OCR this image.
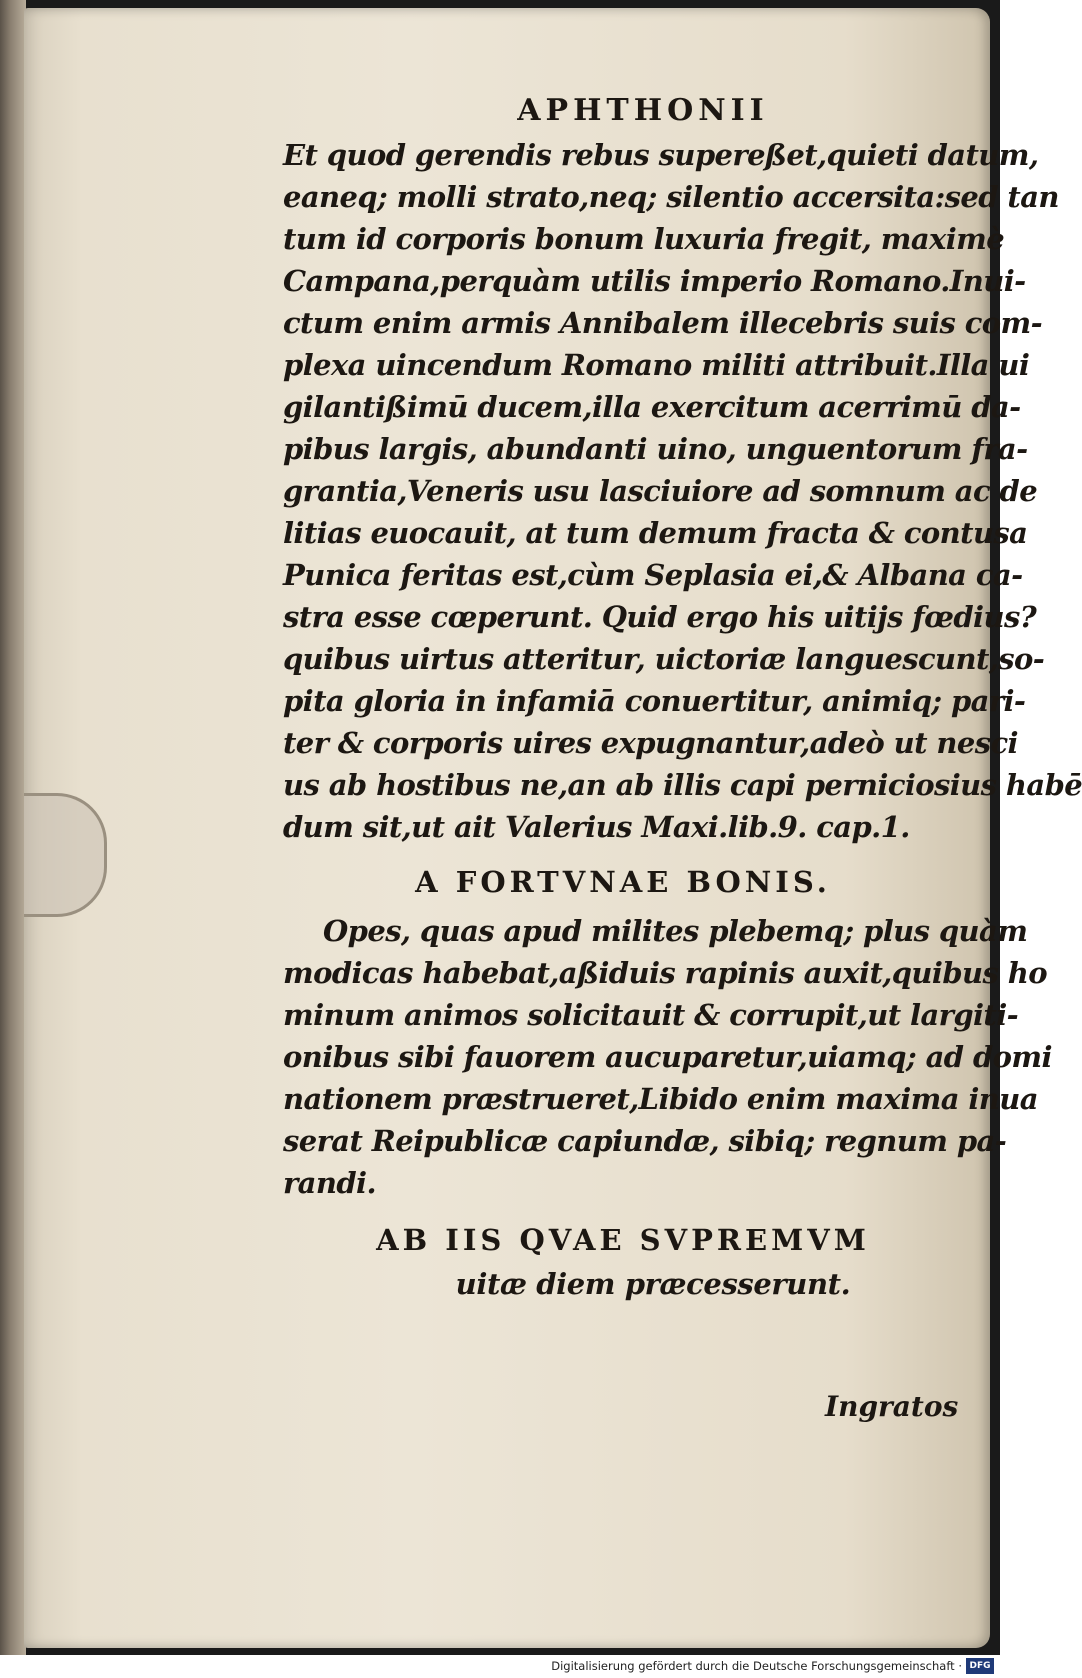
APHTHONII
Et quod gerendis rebus supereßet,quieti datum,
eaneq; molli strato,neq; silentio accersita:sed tan
tum id corporis bonum luxuria fregit, maximè
Campana,perquàm utilis imperio Romano.Inui-
ctum enim armis Annibalem illecebris suis com-
plexa uincendum Romano militi attribuit.Illa ui
gilantißimū ducem,illa exercitum acerrimū da-
pibus largis, abundanti uino, unguentorum fra-
grantia,Veneris usu lasciuiore ad somnum ac de
litias euocauit, at tum demum fracta & contusa
Punica feritas est,cùm Seplasia ei,& Albana ca-
stra esse cœperunt. Quid ergo his uitijs fœdius?
quibus uirtus atteritur, uictoriæ languescunt,so-
pita gloria in infamiā conuertitur, animiq; pari-
ter & corporis uires expugnantur,adeò ut nesci
us ab hostibus ne,an ab illis capi perniciosius habē
dum sit,ut ait Valerius Maxi.lib.9. cap.1.
A FORTVNAE BONIS.
Opes, quas apud milites plebemq; plus quàm
modicas habebat,aßiduis rapinis auxit,quibus ho
minum animos solicitauit & corrupit,ut largiti-
onibus sibi fauorem aucuparetur,uiamq; ad domi
nationem præstrueret,Libido enim maxima inua
serat Reipublicæ capiundæ, sibiq; regnum pa-
randi.
AB IIS QVAE SVPREMVM
uitæ diem præcesserunt.
Ingratos
Digitalisierung gefördert durch die Deutsche Forschungsgemeinschaft · DFG
